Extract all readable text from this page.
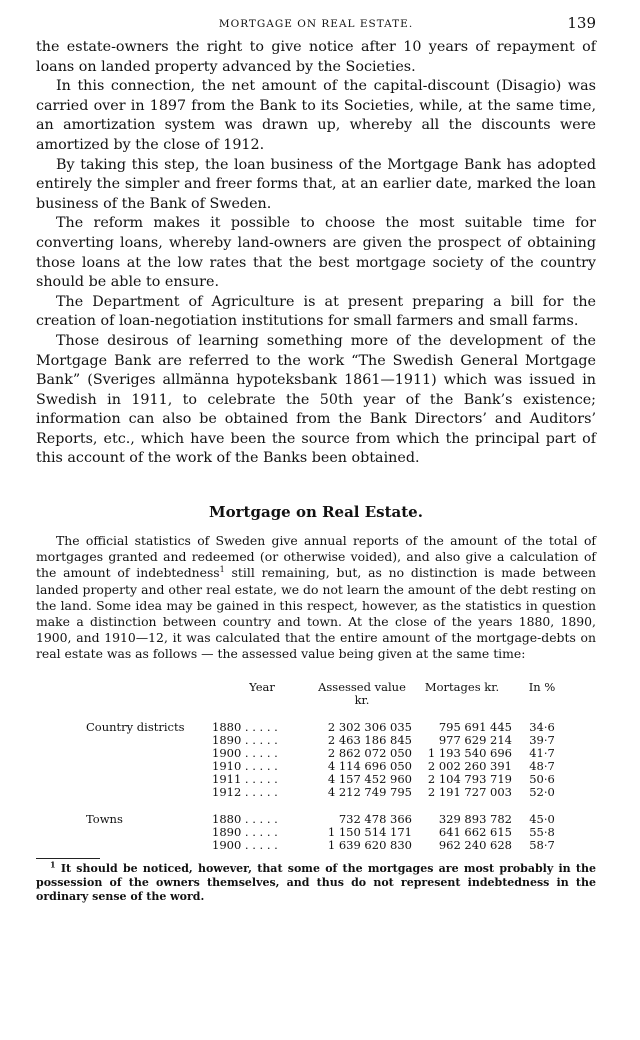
MORTGAGE ON REAL ESTATE.	139

the estate-owners the right to give notice after 10 years of repayment of loans on landed property advanced by the Societies.

In this connection, the net amount of the capital-discount (Disagio) was carried over in 1897 from the Bank to its Societies, while, at the same time, an amortization system was drawn up, whereby all the discounts were amortized by the close of 1912.

By taking this step, the loan business of the Mortgage Bank has adopted entirely the simpler and freer forms that, at an earlier date, marked the loan business of the Bank of Sweden.

The reform makes it possible to choose the most suitable time for converting loans, whereby land-owners are given the prospect of obtaining those loans at the low rates that the best mortgage society of the country should be able to ensure.

The Department of Agriculture is at present preparing a bill for the creation of loan-negotiation institutions for small farmers and small farms.

Those desirous of learning something more of the development of the Mortgage Bank are referred to the work “The Swedish General Mortgage Bank” (Sveriges allmänna hypoteksbank 1861—1911) which was issued in Swedish in 1911, to celebrate the 50th year of the Bank’s existence; information can also be obtained from the Bank Directors’ and Auditors’ Reports, etc., which have been the source from which the principal part of this account of the work of the Banks been obtained.

Mortgage on Real Estate.

The official statistics of Sweden give annual reports of the amount of the total of mortgages granted and redeemed (or otherwise voided), and also give a calculation of the amount of indebtedness$^1$ still remaining, but, as no distinction is made between landed property and other real estate, we do not learn the amount of the debt resting on the land. Some idea may be gained in this respect, however, as the statistics in question make a distinction between country and town. At the close of the years 1880, 1890, 1900, and 1910—12, it was calculated that the entire amount of the mortgage-debts on real estate was as follows — the assessed value being given at the same time:

	Year	Assessed value kr.	Mortages kr.	In %

Country districts	1880 . . . . .	2 302 306 035	795 691 445	34·6
	1890 . . . . .	2 463 186 845	977 629 214	39·7
	1900 . . . . .	2 862 072 050	1 193 540 696	41·7
	1910 . . . . .	4 114 696 050	2 002 260 391	48·7
	1911 . . . . .	4 157 452 960	2 104 793 719	50·6
	1912 . . . . .	4 212 749 795	2 191 727 003	52·0

Towns	1880 . . . . .	732 478 366	329 893 782	45·0
	1890 . . . . .	1 150 514 171	641 662 615	55·8
	1900 . . . . .	1 639 620 830	962 240 628	58·7

$^1$ It should be noticed, however, that some of the mortgages are most probably in the possession of the owners themselves, and thus do not represent indebtedness in the ordinary sense of the word.
